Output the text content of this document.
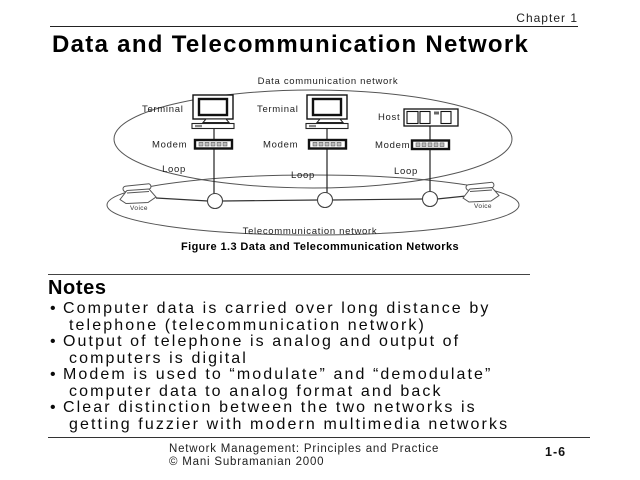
Chapter 1
Data and Telecommunication Network
Data communication network
Terminal	Terminal
Host
Modem	Modem	Modem
Loop
Loop	Loop
Voice	Voice
Telecommunication network
Figure 1.3 Data and Telecommunication Networks
Notes
• Computer data is carried over long distance by
telephone (telecommunication network)
• Output of telephone is analog and output of
computers is digital
• Modem is used to “modulate” and “demodulate”
computer data to analog format and back
• Clear distinction between the two networks is
getting fuzzier with modern multimedia networks
Network Management: Principles and Practice
© Mani Subramanian 2000
1-6
